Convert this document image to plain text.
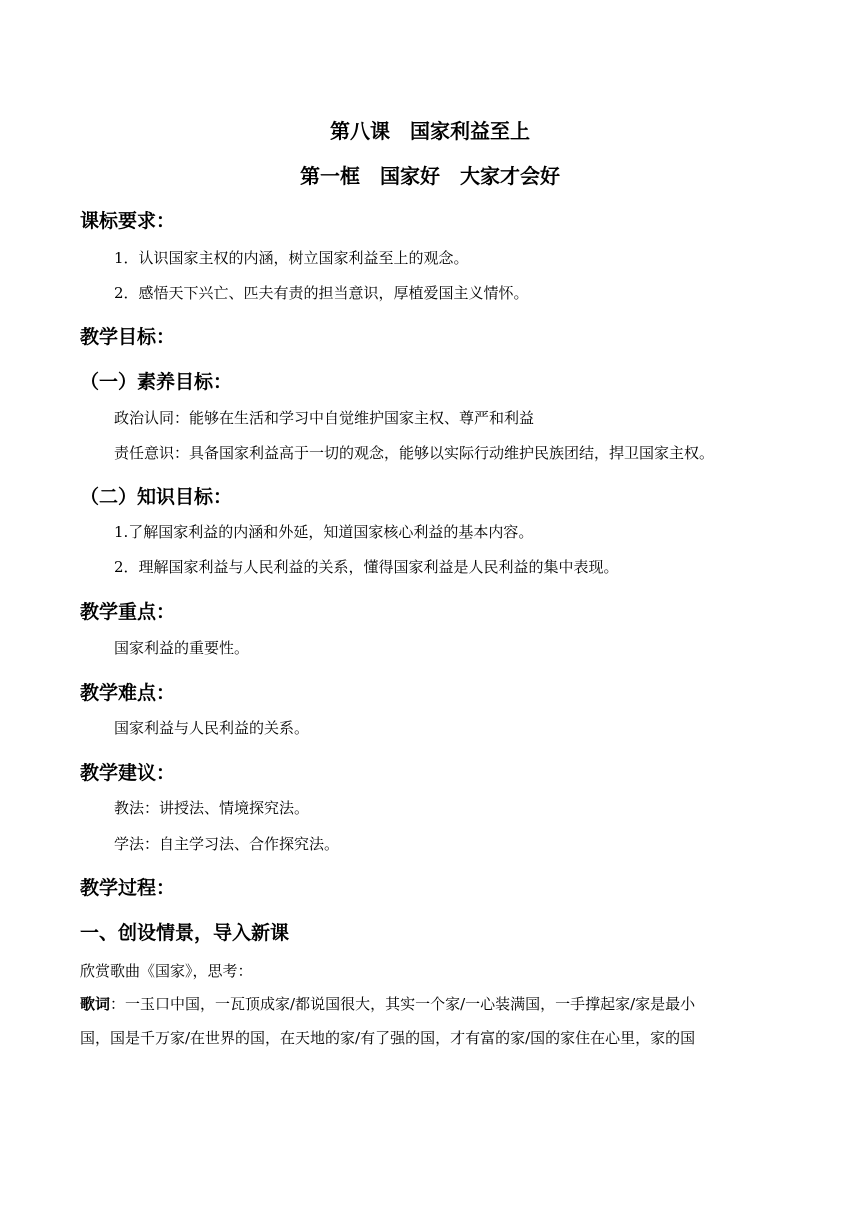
第八课　国家利益至上
第一框　国家好　大家才会好
课标要求：
1．认识国家主权的内涵，树立国家利益至上的观念。
2．感悟天下兴亡、匹夫有责的担当意识，厚植爱国主义情怀。
教学目标：
（一）素养目标：
政治认同：能够在生活和学习中自觉维护国家主权、尊严和利益
责任意识：具备国家利益高于一切的观念，能够以实际行动维护民族团结，捍卫国家主权。
（二）知识目标：
1.了解国家利益的内涵和外延，知道国家核心利益的基本内容。
2．理解国家利益与人民利益的关系，懂得国家利益是人民利益的集中表现。
教学重点：
国家利益的重要性。
教学难点：
国家利益与人民利益的关系。
教学建议：
教法：讲授法、情境探究法。
学法：自主学习法、合作探究法。
教学过程：
一、创设情景，导入新课
欣赏歌曲《国家》，思考：
歌词：一玉口中国，一瓦顶成家/都说国很大，其实一个家/一心装满国，一手撑起家/家是最小
国，国是千万家/在世界的国，在天地的家/有了强的国，才有富的家/国的家住在心里，家的国
